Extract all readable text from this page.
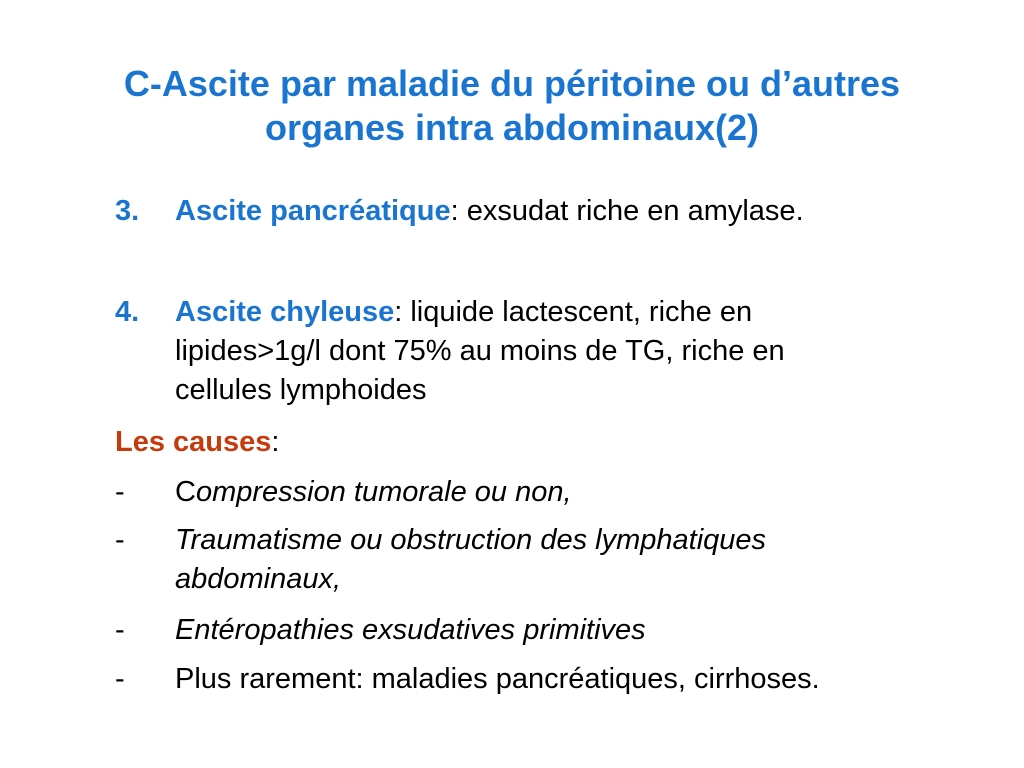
C-Ascite par maladie du péritoine ou d’autres
organes intra abdominaux(2)
3. Ascite pancréatique: exsudat riche en amylase.
4. Ascite chyleuse: liquide lactescent, riche en
lipides>1g/l dont 75% au moins de TG, riche en
cellules lymphoides
Les causes:
- Compression tumorale ou non,
- Traumatisme ou obstruction des lymphatiques
abdominaux,
- Entéropathies exsudatives primitives
- Plus rarement: maladies pancréatiques, cirrhoses.
